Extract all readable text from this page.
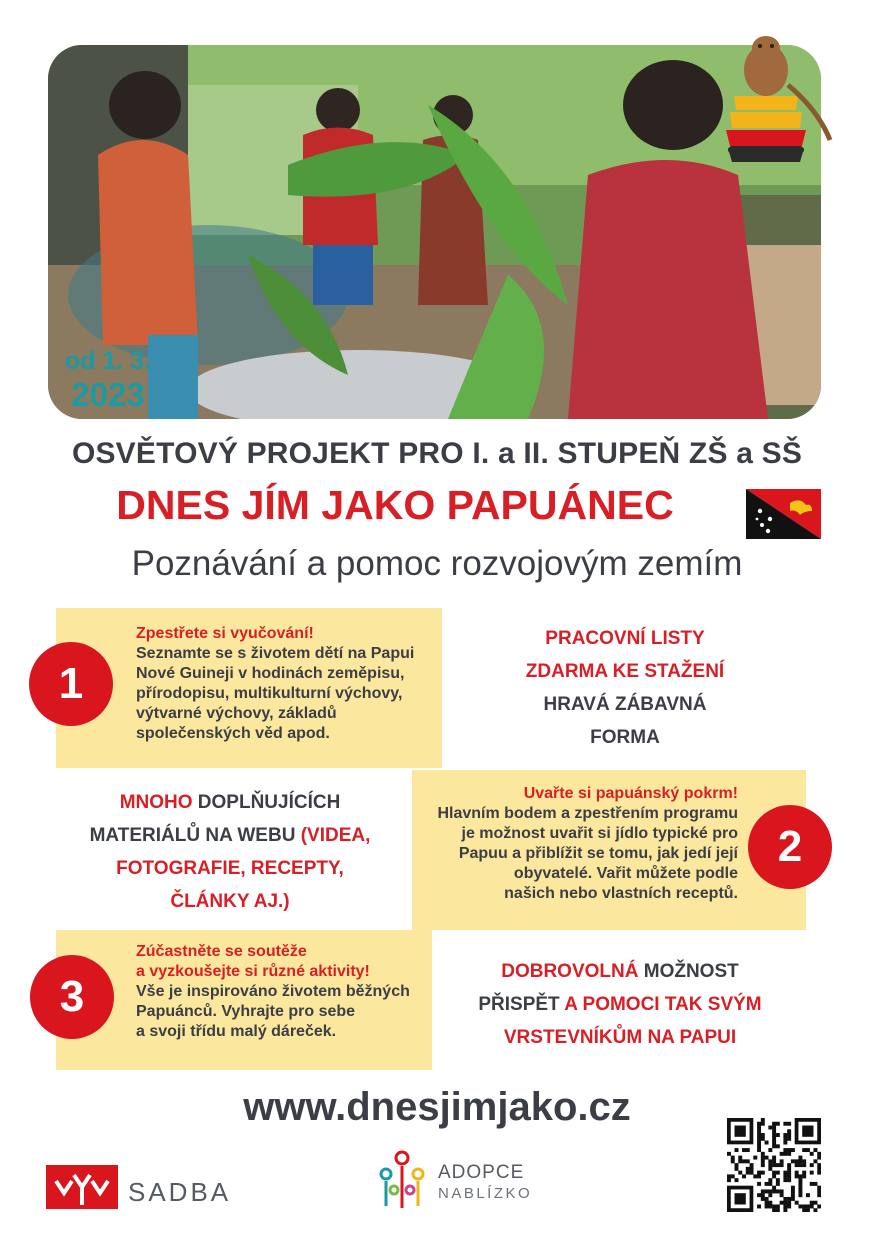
od 1. 3.
2023
OSVĚTOVÝ PROJEKT PRO I. a II. STUPEŇ ZŠ a SŠ
DNES JÍM JAKO PAPUÁNEC
Poznávání a pomoc rozvojovým zemím
1
2
3
Zpestřete si vyučování!
Seznamte se s životem dětí na Papui
Nové Guineji v hodinách zeměpisu,
přírodopisu, multikulturní výchovy,
výtvarné výchovy, základů
společenských věd apod.
Uvařte si papuánský pokrm!
Hlavním bodem a zpestřením programu
je možnost uvařit si jídlo typické pro
Papuu a přiblížit se tomu, jak jedí její
obyvatelé. Vařit můžete podle
našich nebo vlastních receptů.
Zúčastněte se soutěže
a vyzkoušejte si různé aktivity!
Vše je inspirováno životem běžných
Papuánců. Vyhrajte pro sebe
a svoji třídu malý dáreček.
PRACOVNÍ LISTY
ZDARMA KE STAŽENÍ
HRAVÁ ZÁBAVNÁ
FORMA
MNOHO DOPLŇUJÍCÍCH
MATERIÁLŮ NA WEBU (VIDEA,
FOTOGRAFIE, RECEPTY,
ČLÁNKY AJ.)
DOBROVOLNÁ MOŽNOST
PŘISPĚT A POMOCI TAK SVÝM
VRSTEVNÍKŮM NA PAPUI
www.dnesjimjako.cz
SADBA
ADOPCE
NABLÍZKO
